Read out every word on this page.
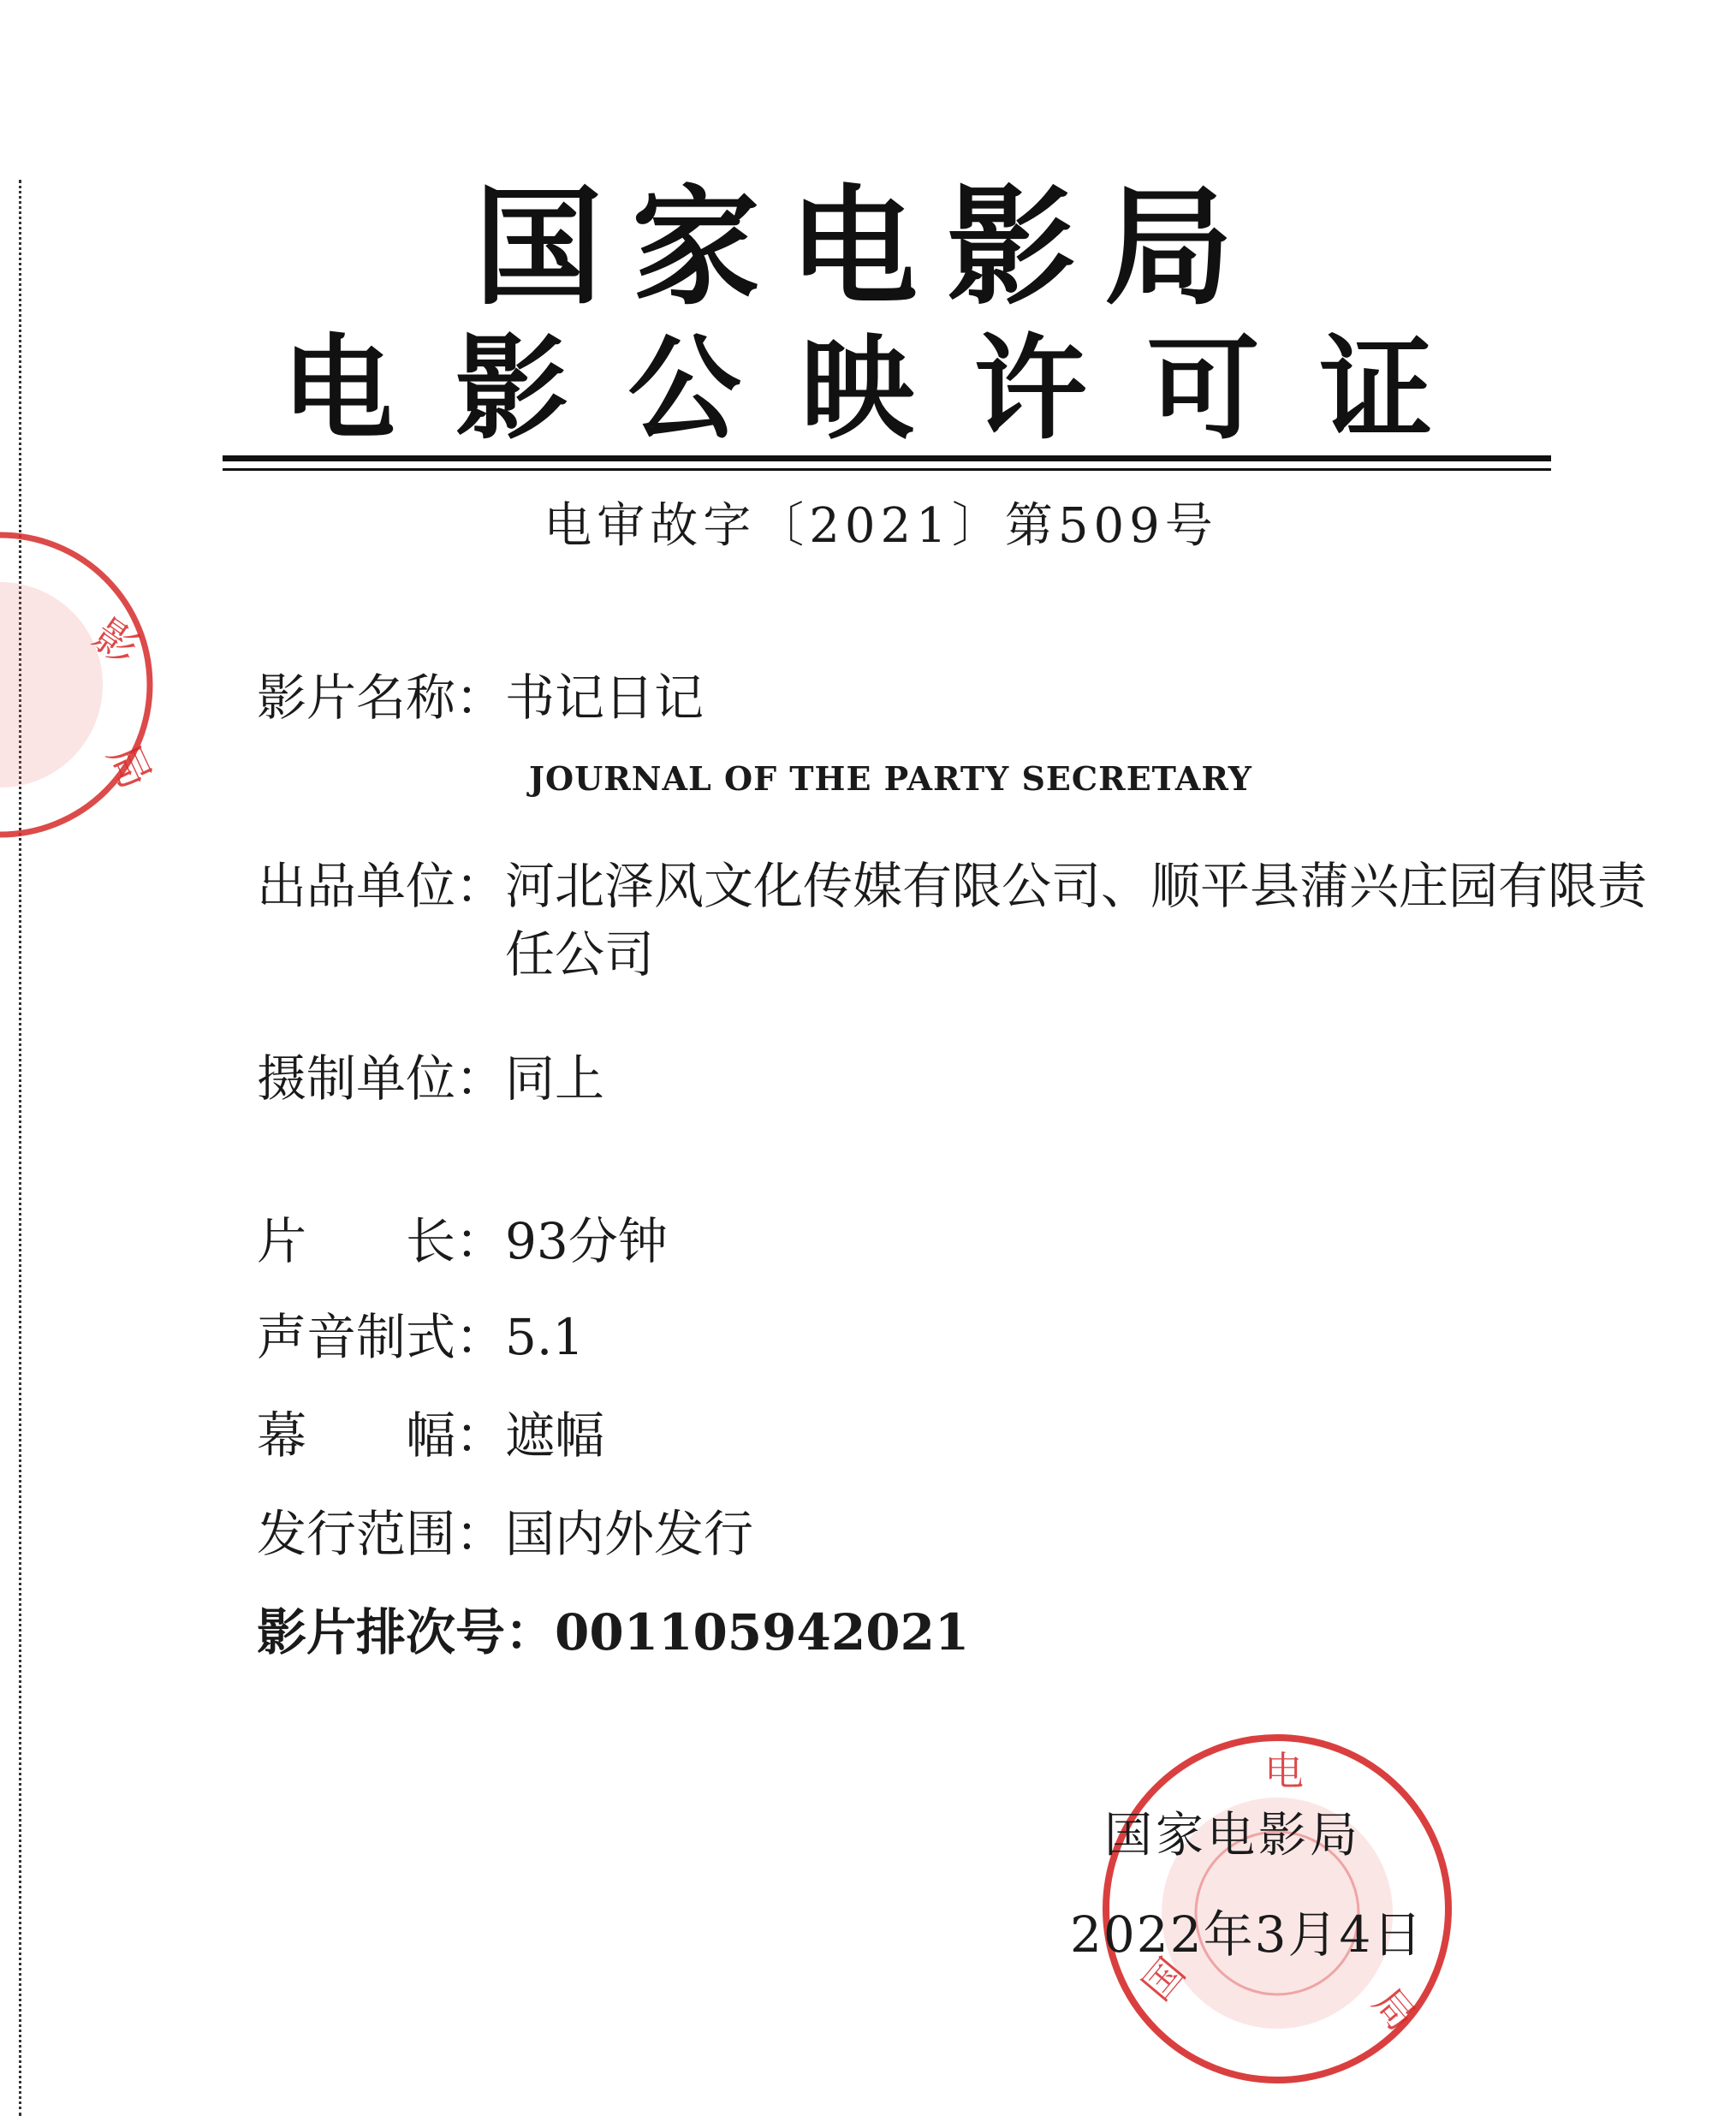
影
局
国家电影局
电影公映许可证
电审故字〔2021〕第509号
影片名称：书记日记
JOURNAL OF THE PARTY SECRETARY
出品单位：河北泽风文化传媒有限公司、顺平县蒲兴庄园有限责任公司
摄制单位：同上
片　　长：93分钟
声音制式：5.1
幕　　幅：遮幅
发行范围：国内外发行
影片排次号：001105942021
电
国
局
国家电影局
2022年3月4日
